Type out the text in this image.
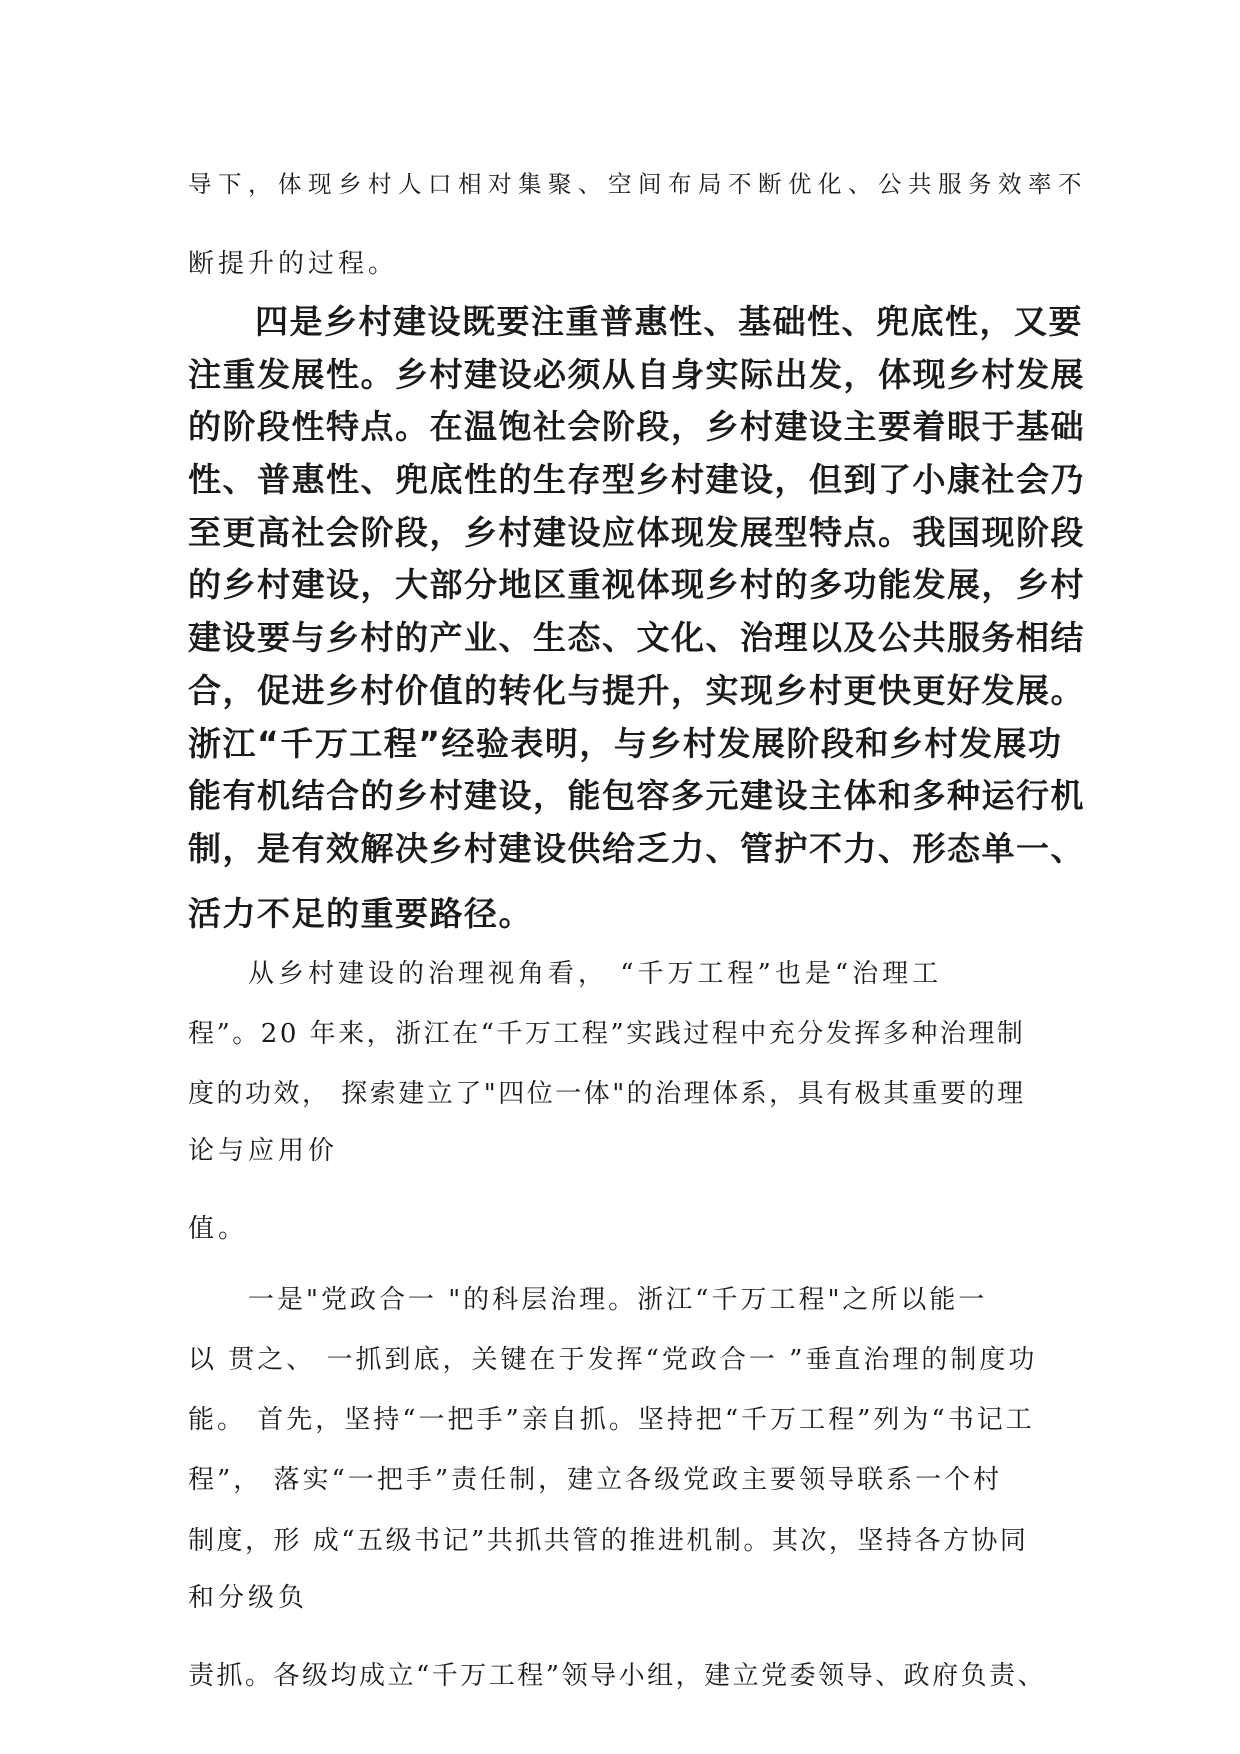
导下，体现乡村人口相对集聚、空间布局不断优化、公共服务效率不
断提升的过程。
四是乡村建设既要注重普惠性、基础性、兜底性，又要
注重发展性。乡村建设必须从自身实际出发，体现乡村发展
的阶段性特点。在温饱社会阶段，乡村建设主要着眼于基础
性、普惠性、兜底性的生存型乡村建设，但到了小康社会乃
至更高社会阶段，乡村建设应体现发展型特点。我国现阶段
的乡村建设，大部分地区重视体现乡村的多功能发展，乡村
建设要与乡村的产业、生态、文化、治理以及公共服务相结
合，促进乡村价值的转化与提升，实现乡村更快更好发展。
浙江“千万工程”经验表明，与乡村发展阶段和乡村发展功
能有机结合的乡村建设，能包容多元建设主体和多种运行机
制，是有效解决乡村建设供给乏力、管护不力、形态单一、
活力不足的重要路径。
从乡村建设的治理视角看， “千万工程”也是“治理工
程”。20 年来，浙江在“千万工程”实践过程中充分发挥多种治理制
度的功效， 探索建立了"四位一体"的治理体系，具有极其重要的理
论与应用价
值。
一是"党政合一 "的科层治理。浙江“千万工程"之所以能一
以 贯之、 一抓到底，关键在于发挥“党政合一 ”垂直治理的制度功
能。 首先，坚持“一把手”亲自抓。坚持把“千万工程”列为“书记工
程”， 落实“一把手”责任制，建立各级党政主要领导联系一个村
制度，形 成“五级书记”共抓共管的推进机制。其次，坚持各方协同
和分级负
责抓。各级均成立“千万工程”领导小组，建立党委领导、政府负责、
